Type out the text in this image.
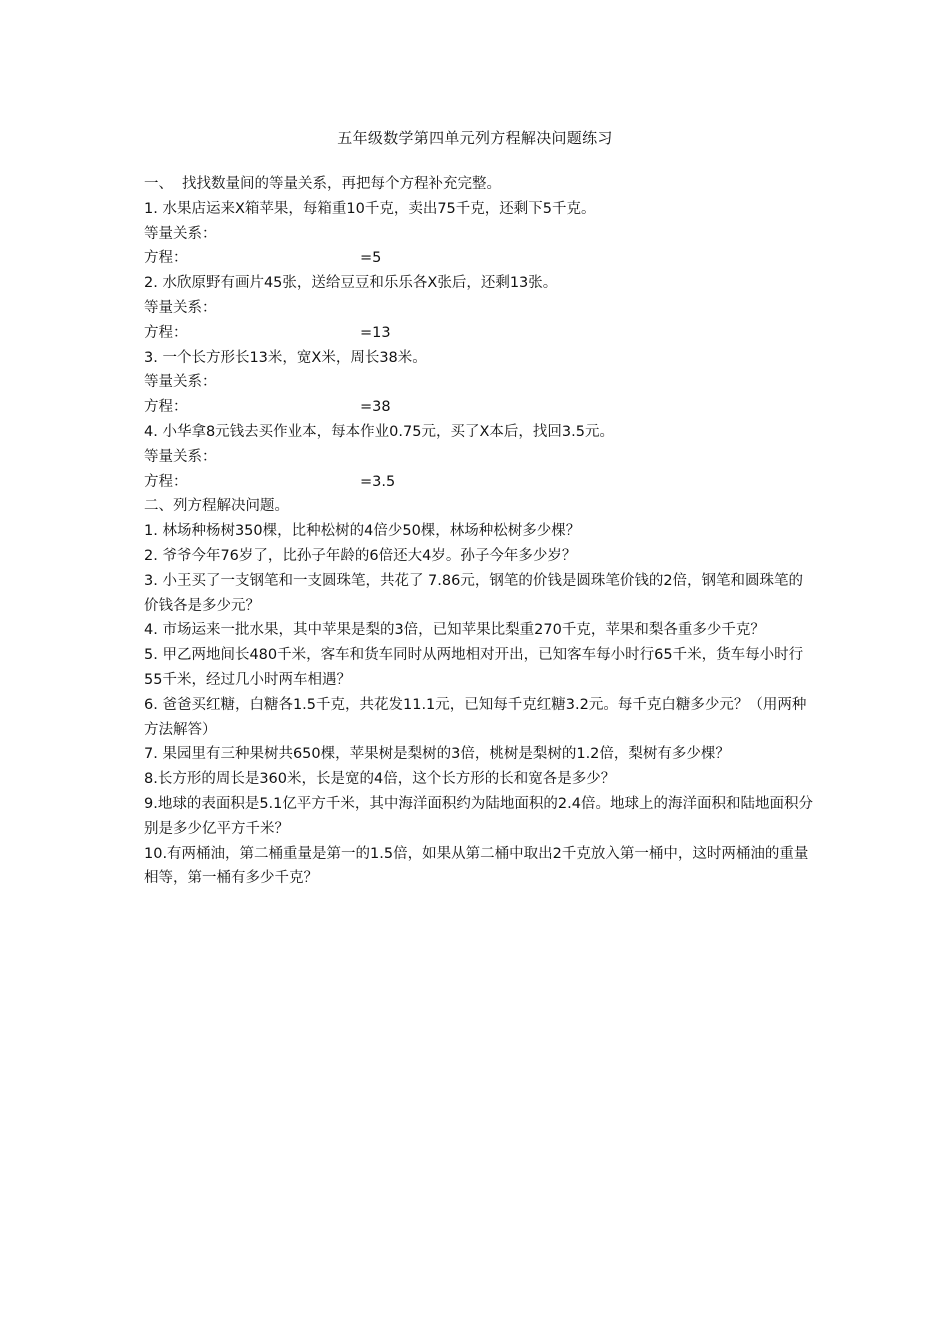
五年级数学第四单元列方程解决问题练习
一、 找找数量间的等量关系，再把每个方程补充完整。
1. 水果店运来X箱苹果，每箱重10千克，卖出75千克，还剩下5千克。
等量关系：
方程：	=5
2. 水欣原野有画片45张，送给豆豆和乐乐各X张后，还剩13张。
等量关系：
方程：	=13
3. 一个长方形长13米，宽X米，周长38米。
等量关系：
方程：	=38
4. 小华拿8元钱去买作业本，每本作业0.75元，买了X本后，找回3.5元。
等量关系：
方程：	=3.5
二、列方程解决问题。
1. 林场种杨树350棵，比种松树的4倍少50棵，林场种松树多少棵？
2. 爷爷今年76岁了，比孙子年龄的6倍还大4岁。孙子今年多少岁？
3. 小王买了一支钢笔和一支圆珠笔，共花了 7.86元，钢笔的价钱是圆珠笔价钱的2倍，钢笔和圆珠笔的价钱各是多少元？
4. 市场运来一批水果，其中苹果是梨的3倍，已知苹果比梨重270千克，苹果和梨各重多少千克？
5. 甲乙两地间长480千米，客车和货车同时从两地相对开出，已知客车每小时行65千米，货车每小时行55千米，经过几小时两车相遇？
6. 爸爸买红糖，白糖各1.5千克，共花发11.1元，已知每千克红糖3.2元。每千克白糖多少元？（用两种方法解答）
7. 果园里有三种果树共650棵，苹果树是梨树的3倍，桃树是梨树的1.2倍，梨树有多少棵？
8.长方形的周长是360米，长是宽的4倍，这个长方形的长和宽各是多少？
9.地球的表面积是5.1亿平方千米，其中海洋面积约为陆地面积的2.4倍。地球上的海洋面积和陆地面积分别是多少亿平方千米？
10.有两桶油，第二桶重量是第一的1.5倍，如果从第二桶中取出2千克放入第一桶中，这时两桶油的重量相等，第一桶有多少千克？
